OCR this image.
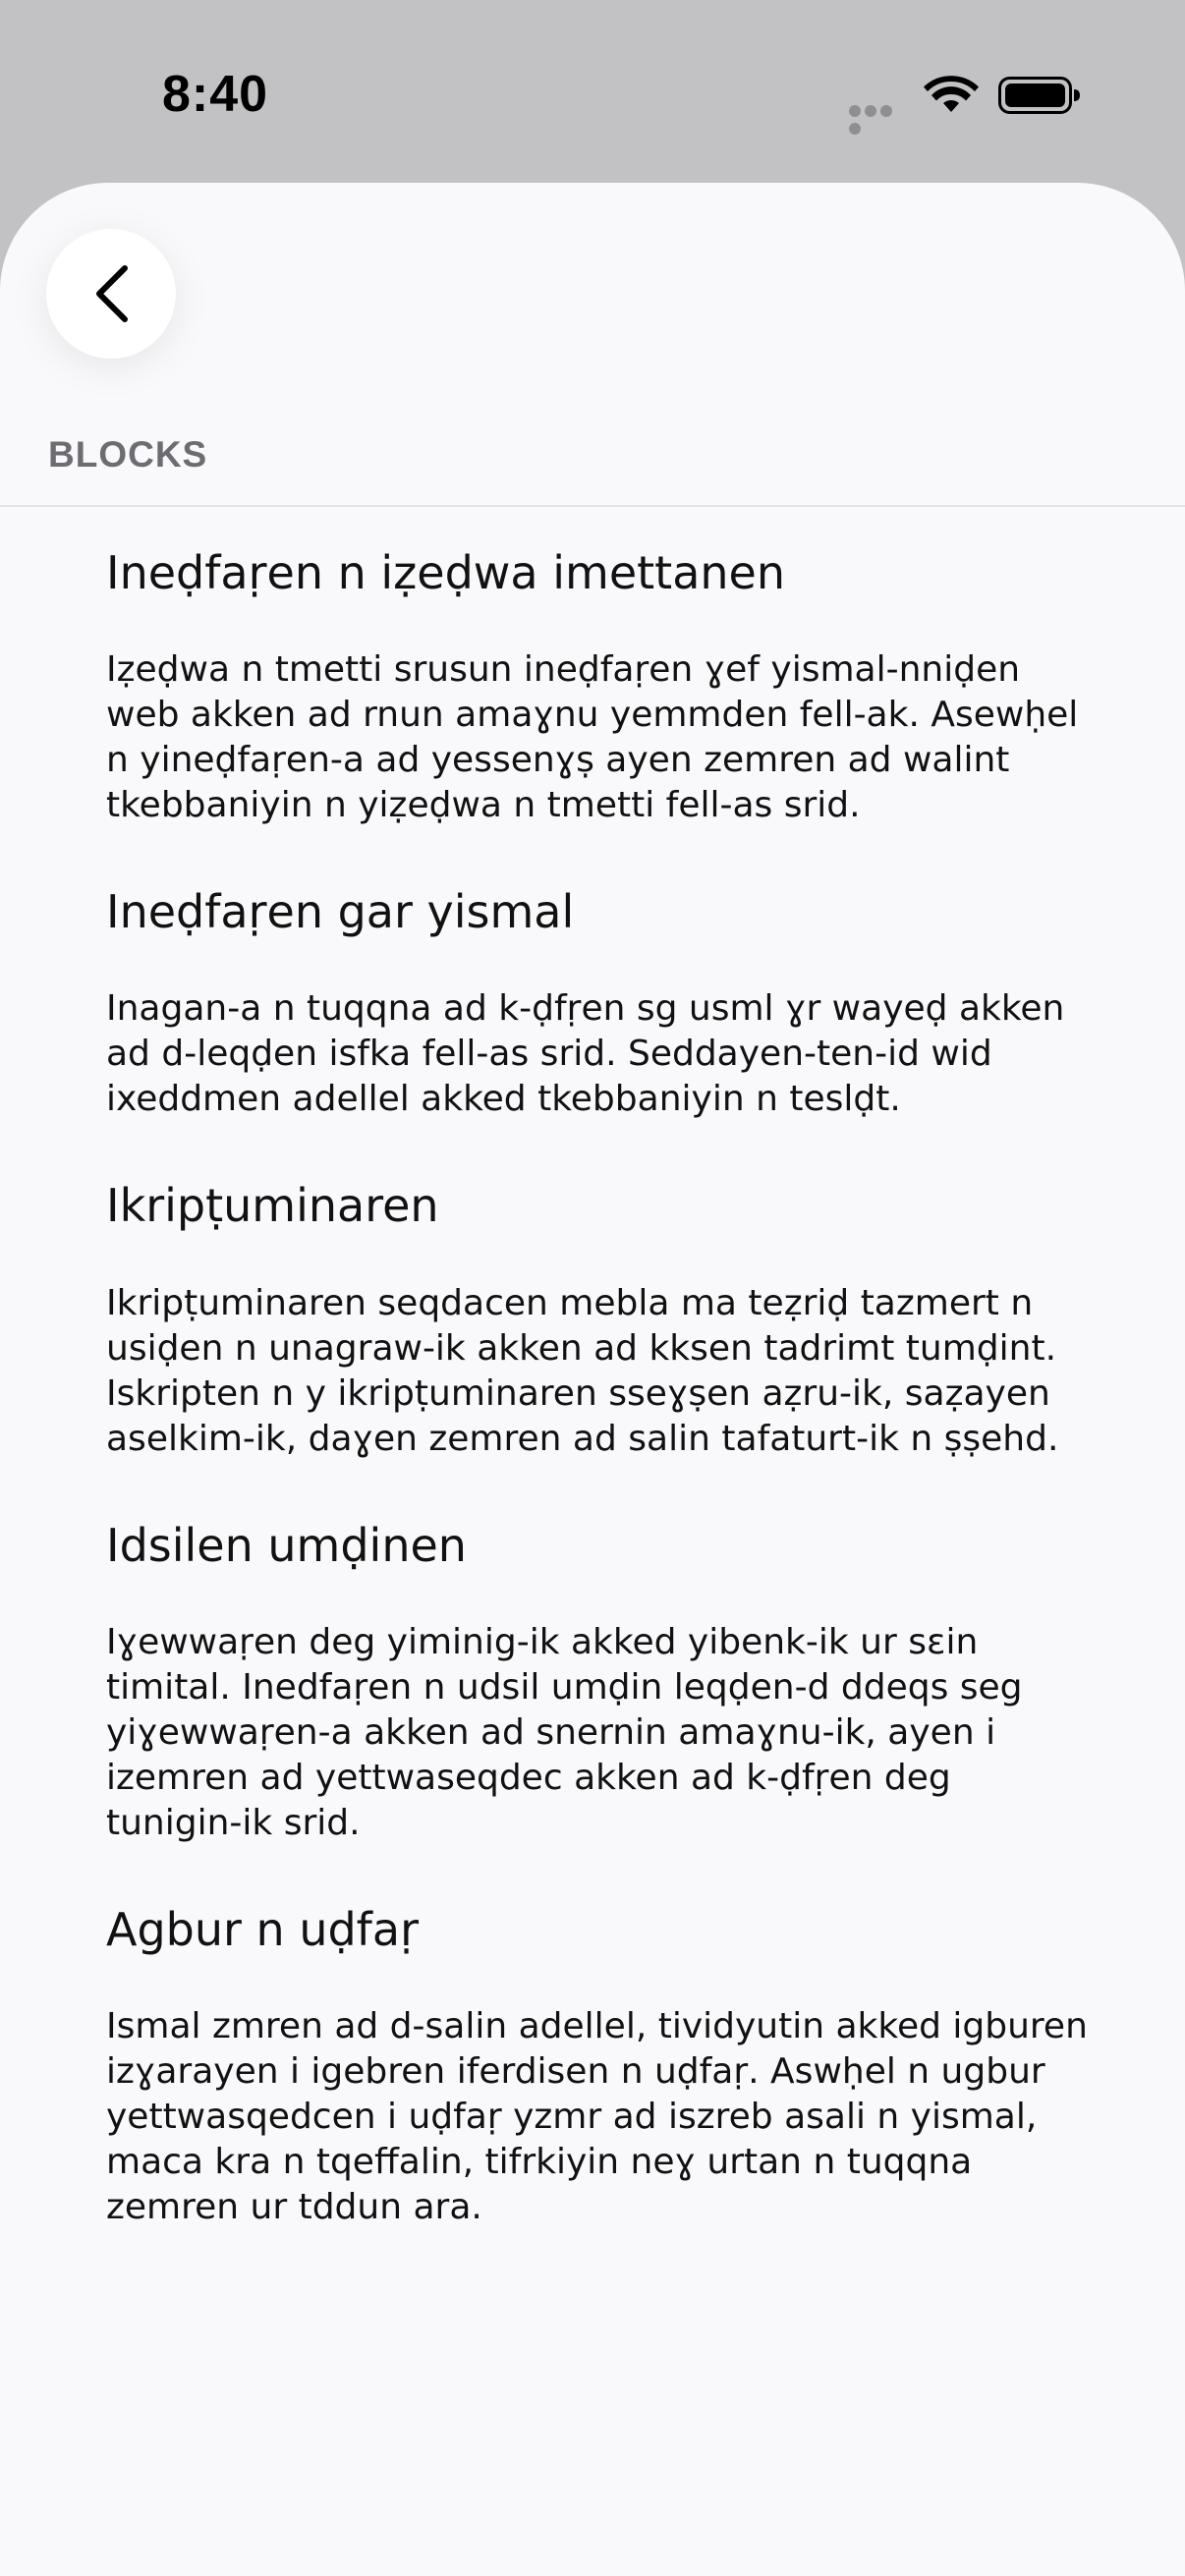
8:40
BLOCKS
Ineḍfaṛen n iẓeḍwa imettanen

Iẓeḍwa n tmetti srusun ineḍfaṛen ɣef yismal-nniḍen web akken ad rnun amaɣnu yemmden fell-ak. Asewḥel n yineḍfaṛen-a ad yessenɣṣ ayen zemren ad walint tkebbaniyin n yiẓeḍwa n tmetti fell-as srid.

Ineḍfaṛen gar yismal

Inagan-a n tuqqna ad k-ḍfṛen sg usml ɣr wayeḍ akken ad d-leqḍen isfka fell-as srid. Seddayen-ten-id wid ixeddmen adellel akked tkebbaniyin n teslḍt.

Ikripṭuminaren

Ikripṭuminaren seqdacen mebla ma teẓriḍ tazmert n usiḍen n unagraw-ik akken ad kksen tadrimt tumḍint. Iskripten n y ikripṭuminaren sseɣṣen aẓru-ik, saẓayen aselkim-ik, daɣen zemren ad salin tafaturt-ik n ṣṣehd.

Idsilen umḍinen

Iɣewwaṛen deg yiminig-ik akked yibenk-ik ur sɛin timital. Inedfaṛen n udsil umḍin leqḍen-d ddeqs seg yiɣewwaṛen-a akken ad snernin amaɣnu-ik, ayen i izemren ad yettwaseqdec akken ad k-ḍfṛen deg tunigin-ik srid.

Agbur n uḍfaṛ

Ismal zmren ad d-salin adellel, tividyutin akked igburen izɣarayen i igebren iferdisen n uḍfaṛ. Aswḥel n ugbur yettwasqedcen i uḍfaṛ yzmr ad iszreb asali n yismal, maca kra n tqeffalin, tifrkiyin neɣ urtan n tuqqna zemren ur tddun ara.
